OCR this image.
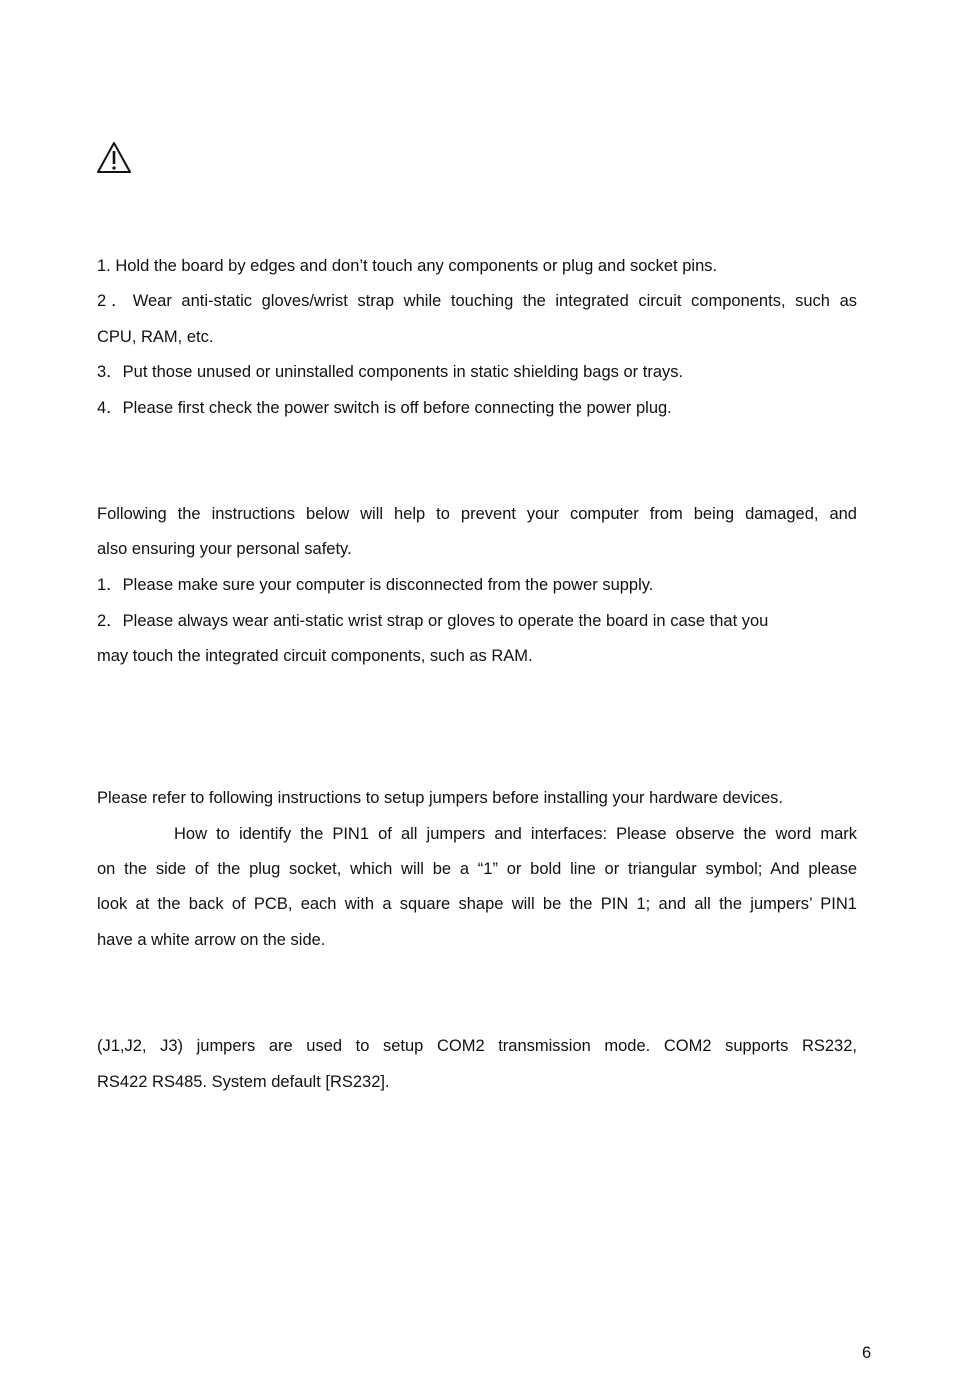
1. Hold the board by edges and don’t touch any components or plug and socket pins.
2．Wear anti-static gloves/wrist strap while touching the integrated circuit components, such as
CPU, RAM, etc.
3．Put those unused or uninstalled components in static shielding bags or trays.
4．Please first check the power switch is off before connecting the power plug.
Following the instructions below will help to prevent your computer from being damaged, and
also ensuring your personal safety.
1．Please make sure your computer is disconnected from the power supply.
2．Please always wear anti-static wrist strap or gloves to operate the board in case that you
may touch the integrated circuit components, such as RAM.
Please refer to following instructions to setup jumpers before installing your hardware devices.
How to identify the PIN1 of all jumpers and interfaces: Please observe the word mark
on the side of the plug socket, which will be a “1” or bold line or triangular symbol; And please
look at the back of PCB, each with a square shape will be the PIN 1; and all the jumpers’ PIN1
have a white arrow on the side.
(J1,J2, J3) jumpers are used to setup COM2 transmission mode. COM2 supports RS232,
RS422 RS485. System default [RS232].
6
